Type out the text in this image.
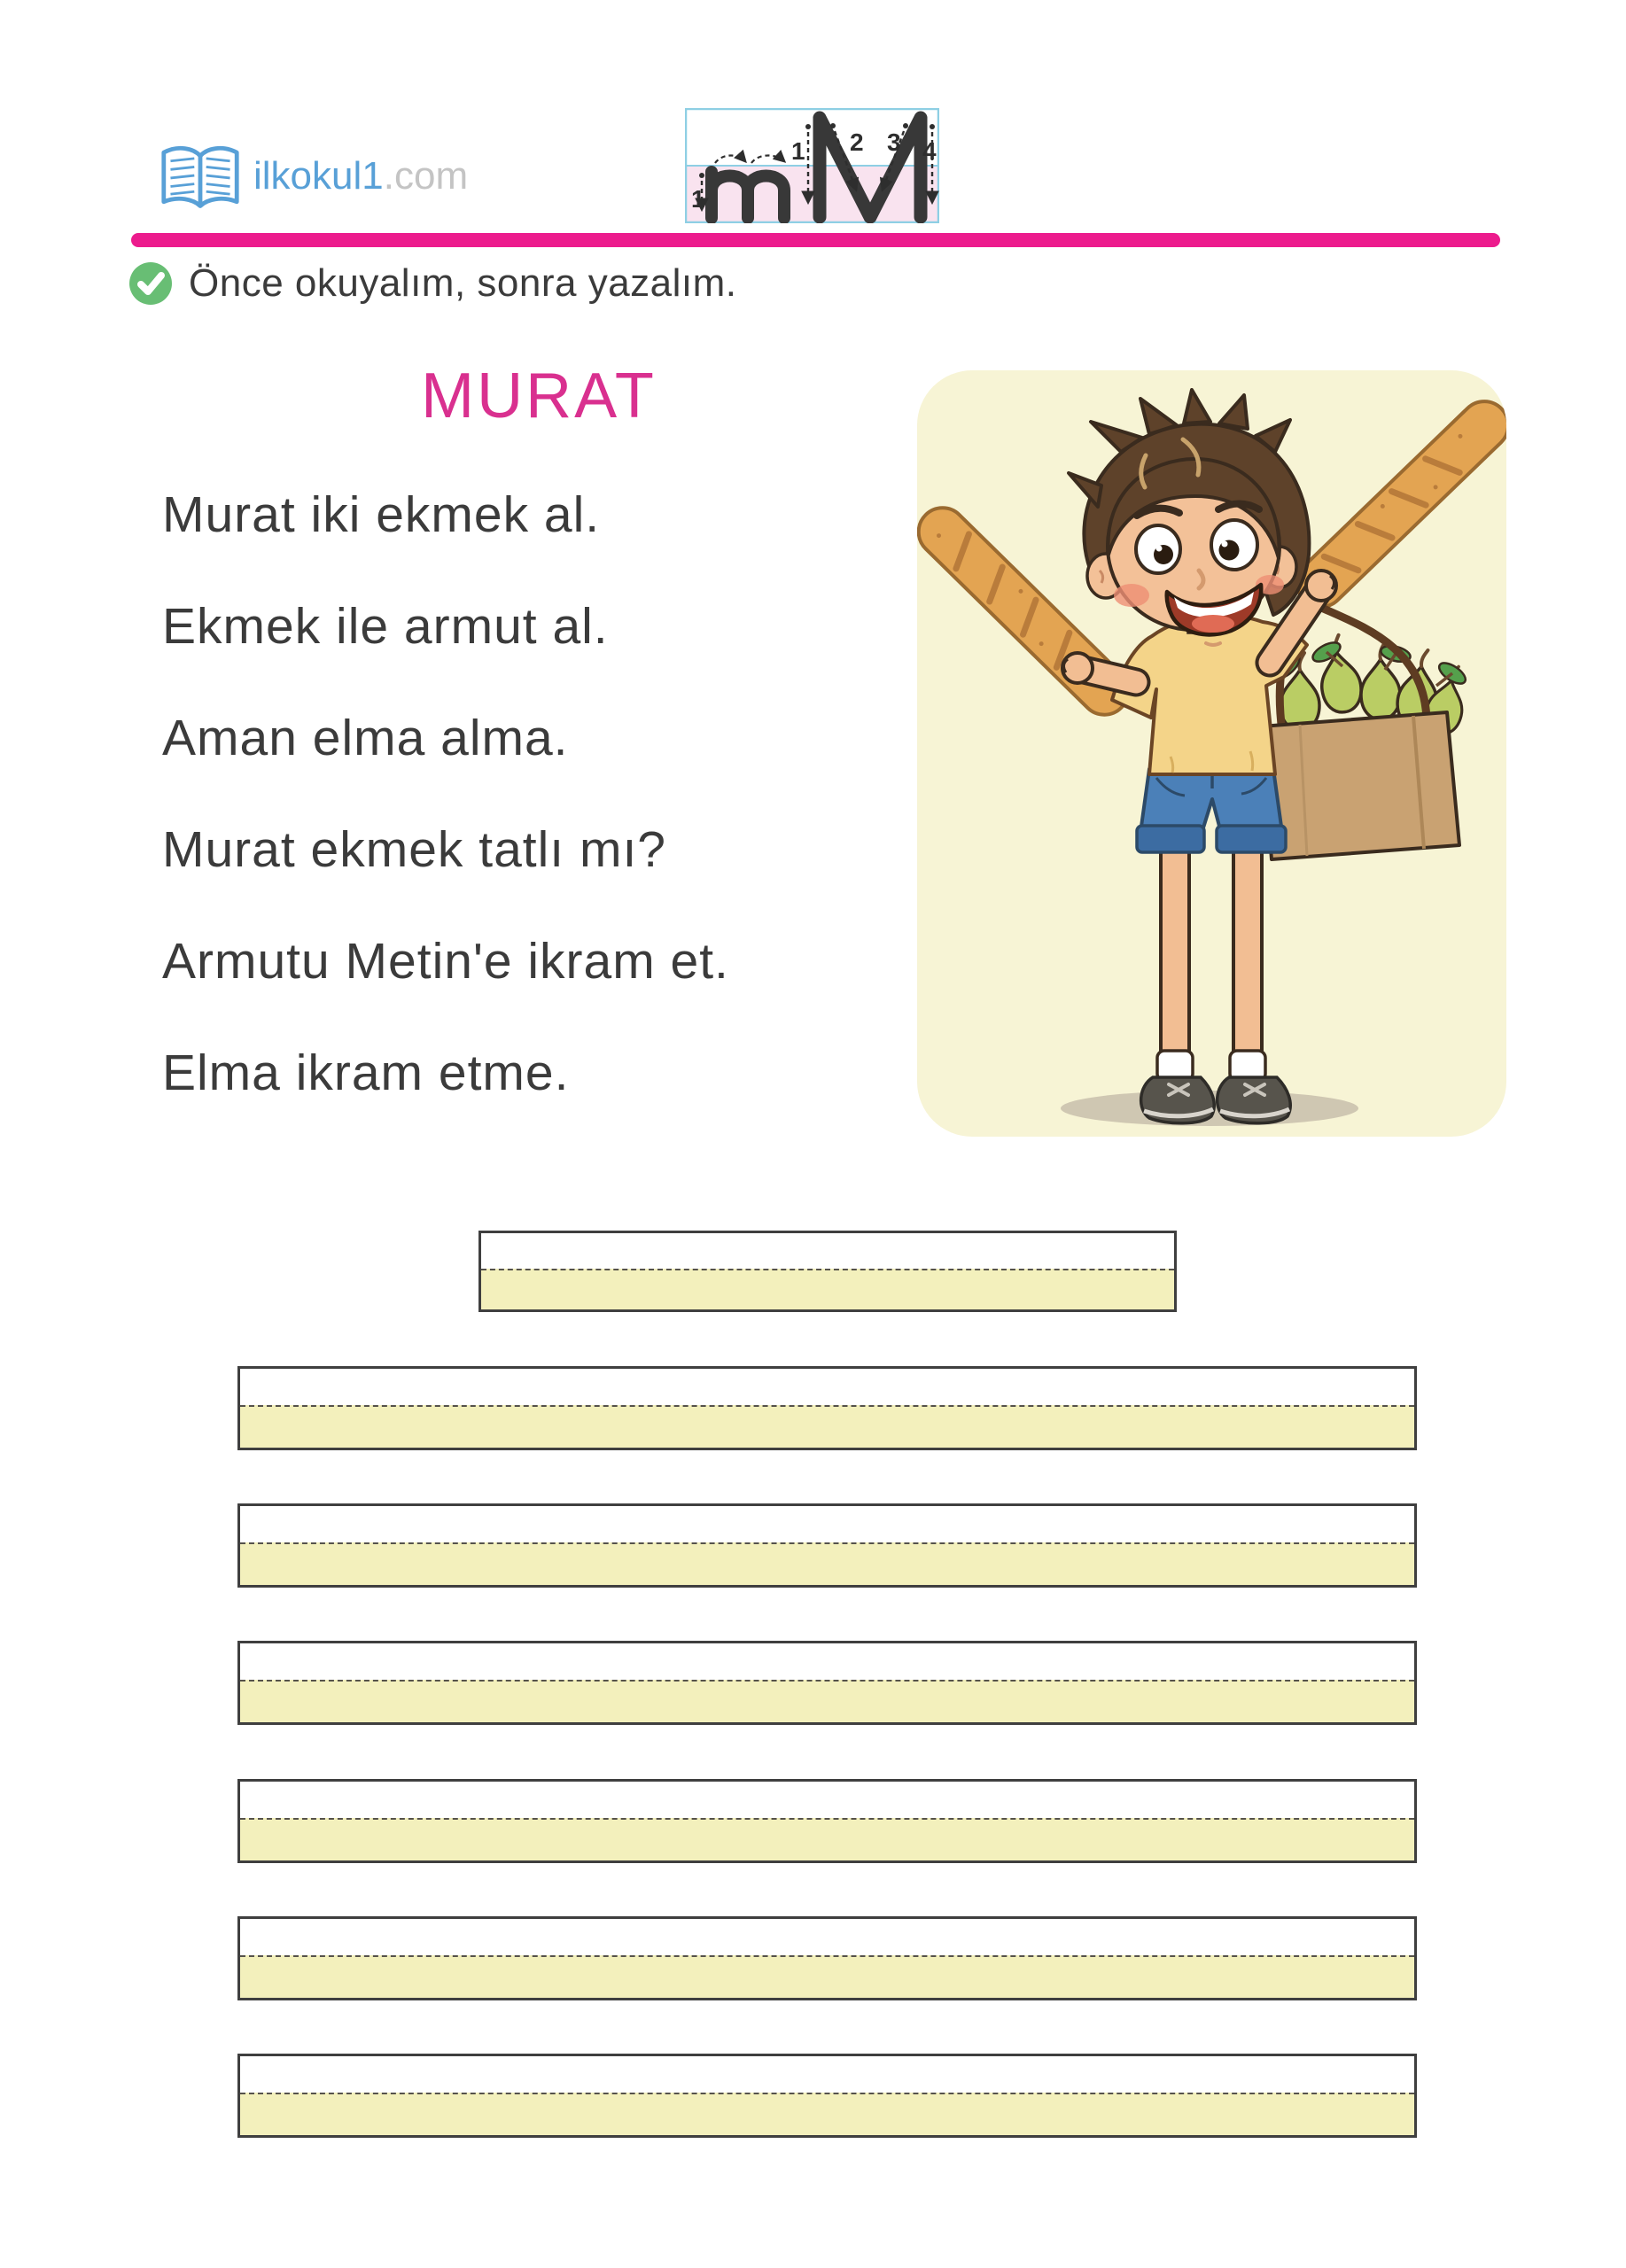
ilkokul1.com
1
1 2 3 4
Önce okuyalım, sonra yazalım.
MURAT
Murat iki ekmek al.
Ekmek ile armut al.
Aman elma alma.
Murat ekmek tatlı mı?
Armutu Metin'e ikram et.
Elma ikram etme.
